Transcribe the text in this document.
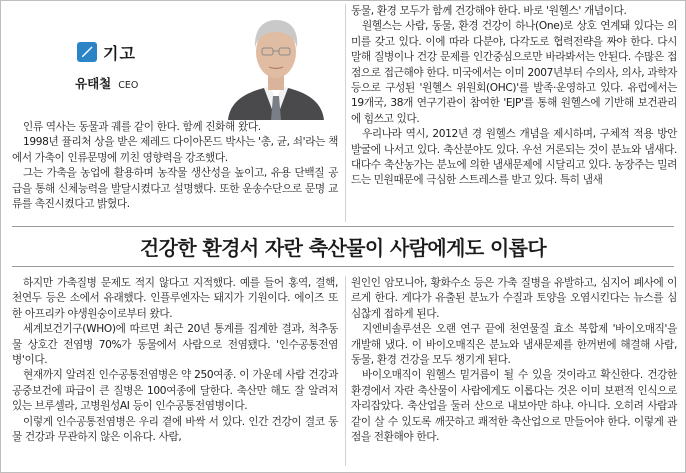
기고
유태철 CEO

인류 역사는 동물과 궤를 같이 한다. 함께 진화해 왔다.

1998년 퓰리처 상을 받은 제레드 다이아몬드 박사는 '총, 균, 쇠'라는 책에서 가축이 인류문명에 끼친 영향력을 강조했다.

그는 가축을 농업에 활용하며 농작물 생산성을 높이고, 유용 단백질 공급을 통해 신체능력을 발달시켰다고 설명했다. 또한 운송수단으로 문명 교류를 촉진시켰다고 밝혔다.

동물, 환경 모두가 함께 건강해야 한다. 바로 '원헬스' 개념이다.

원헬스는 사람, 동물, 환경 건강이 하나(One)로 상호 연계돼 있다는 의미를 갖고 있다. 이에 따라 다분야, 다각도로 협력전략을 짜야 한다. 다시 말해 질병이나 건강 문제를 인간중심으로만 바라봐서는 안된다. 수많은 접점으로 접근해야 한다. 미국에서는 이미 2007년부터 수의사, 의사, 과학자 등으로 구성된 '원헬스 위원회(OHC)'를 발족·운영하고 있다. 유럽에서는 19개국, 38개 연구기관이 참여한 'EJP'를 통해 원헬스에 기반해 보건관리에 힘쓰고 있다.

우리나라 역시, 2012년 경 원헬스 개념을 제시하며, 구체적 적용 방안 발굴에 나서고 있다. 축산분야도 있다. 우선 거론되는 것이 분뇨와 냄새다. 대다수 축산농가는 분뇨에 의한 냄새문제에 시달리고 있다. 농장주는 밀려드는 민원때문에 극심한 스트레스를 받고 있다. 특히 냄새

건강한 환경서 자란 축산물이 사람에게도 이롭다

하지만 가축질병 문제도 적지 않다고 지적했다. 예를 들어 홍역, 결핵, 천연두 등은 소에서 유래했다. 인플루엔자는 돼지가 기원이다. 에이즈 또한 아프리카 야생원숭이로부터 왔다.

세계보건기구(WHO)에 따르면 최근 20년 통계를 집계한 결과, 척추동물 상호간 전염병 70%가 동물에서 사람으로 전염됐다. '인수공통전염병'이다.

현재까지 알려진 인수공통전염병은 약 250여종. 이 가운데 사람 건강과 공중보건에 파급이 큰 질병은 100여종에 달한다. 축산만 해도 잘 알려져 있는 브루셀라, 고병원성AI 등이 인수공통전염병이다.

이렇게 인수공통전염병은 우리 곁에 바싹 서 있다. 인간 건강이 결코 동물 건강과 무관하지 않은 이유다. 사람,

원인인 암모니아, 황화수소 등은 가축 질병을 유발하고, 심지어 폐사에 이르게 한다. 게다가 유출된 분뇨가 수질과 토양을 오염시킨다는 뉴스를 심심찮게 접하게 된다.

지엔비솔루션은 오랜 연구 끝에 천연물질 효소 복합제 '바이오매직'을 개발해 냈다. 이 바이오매직은 분뇨와 냄새문제를 한꺼번에 해결해 사람, 동물, 환경 건강을 모두 챙기게 된다.

바이오매직이 원헬스 밑거름이 될 수 있을 것이라고 확신한다. 건강한 환경에서 자란 축산물이 사람에게도 이롭다는 것은 이미 보편적 인식으로 자리잡았다. 축산업을 둘러 산으로 내보아만 하냐. 아니다. 오히려 사람과 같이 살 수 있도록 깨끗하고 쾌적한 축산업으로 만들어야 한다. 이렇게 관점을 전환해야 한다.
